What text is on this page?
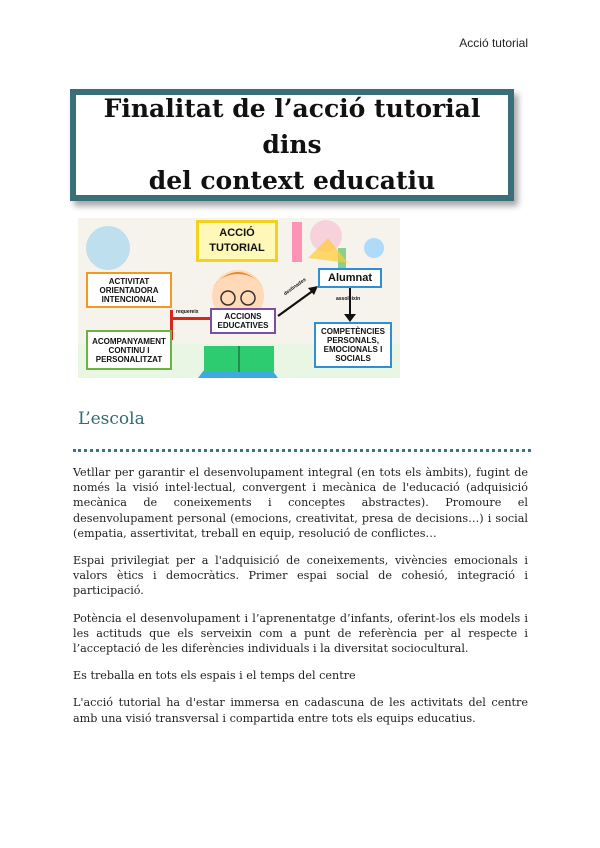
Acció tutorial
Finalitat de l’acció tutorial dins
del context educatiu
ACCIÓ
TUTORIAL
ACTIVITAT ORIENTADORA INTENCIONAL
ACOMPANYAMENT CONTINU I PERSONALITZAT
requereix	ACCIONS EDUCATIVES
destinades Alumnat
assoleixin
COMPETÈNCIES PERSONALS, EMOCIONALS I SOCIALS
L’escola

Vetllar per garantir el desenvolupament integral (en tots els àmbits), fugint de només la visió intel·lectual, convergent i mecànica de l'educació (adquisició mecànica de coneixements i conceptes abstractes). Promoure el desenvolupament personal (emocions, creativitat, presa de decisions…) i social (empatia, assertivitat, treball en equip, resolució de conflictes…

Espai privilegiat per a l'adquisició de coneixements, vivències emocionals i valors ètics i democràtics. Primer espai social de cohesió, integració i participació.

Potència el desenvolupament i l’aprenentatge d’infants, oferint-los els models i les actituds que els serveixin com a punt de referència per al respecte i l’acceptació de les diferències individuals i la diversitat sociocultural.

Es treballa en tots els espais i el temps del centre

L'acció tutorial ha d'estar immersa en cadascuna de les activitats del centre amb una visió transversal i compartida entre tots els equips educatius.
